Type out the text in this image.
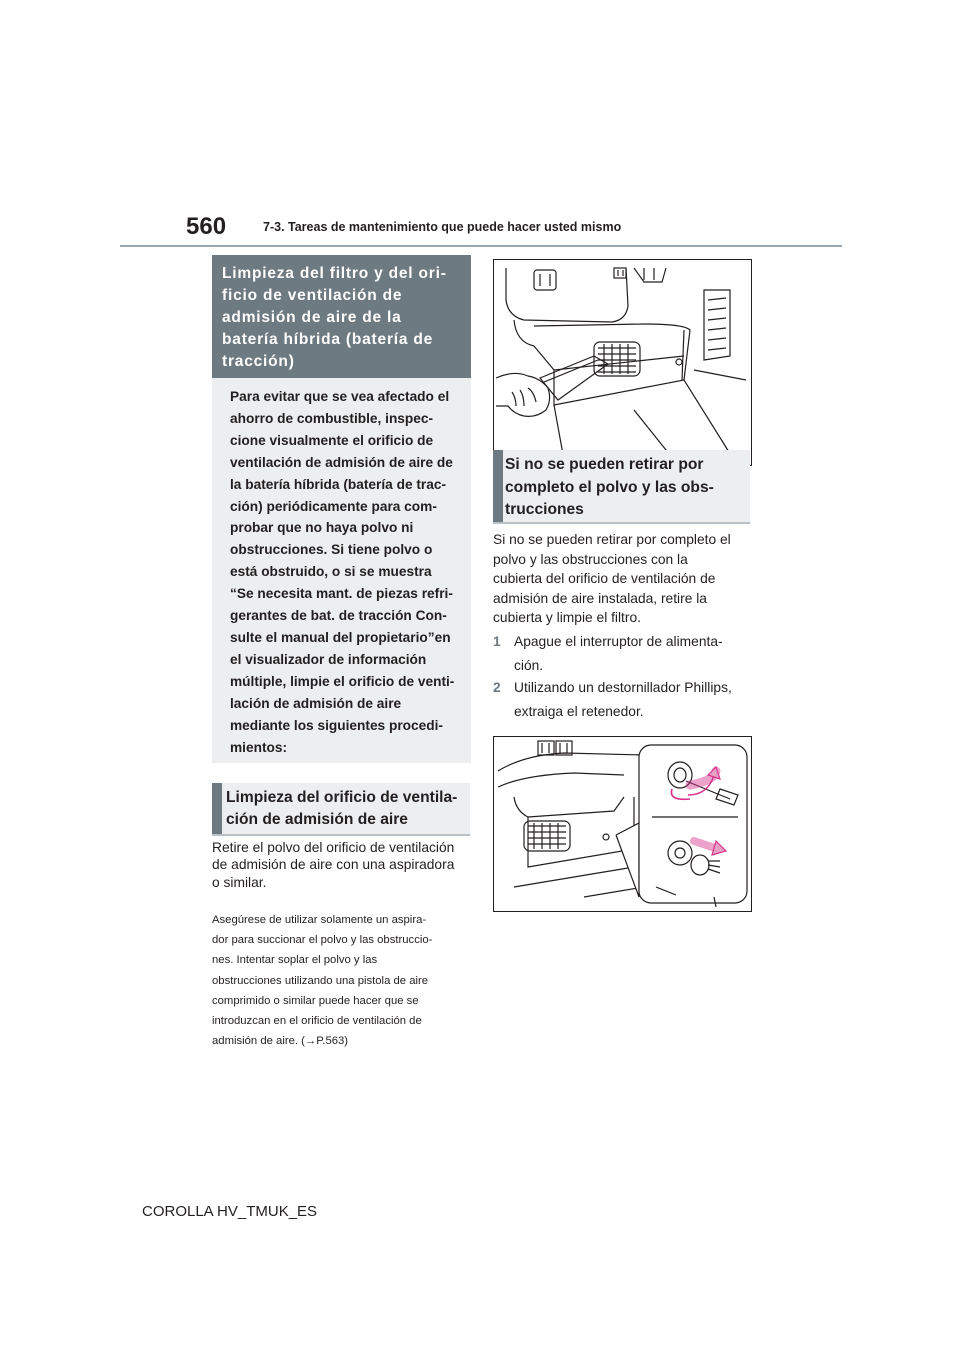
560	7-3. Tareas de mantenimiento que puede hacer usted mismo
Limpieza del filtro y del ori-
ficio de ventilación de
admisión de aire de la
batería híbrida (batería de
tracción)
Para evitar que se vea afectado el
ahorro de combustible, inspec-
cione visualmente el orificio de
ventilación de admisión de aire de
la batería híbrida (batería de trac-
ción) periódicamente para com-
probar que no haya polvo ni
obstrucciones. Si tiene polvo o
está obstruido, o si se muestra
“Se necesita mant. de piezas refri-
gerantes de bat. de tracción Con-
sulte el manual del propietario”en
el visualizador de información
múltiple, limpie el orificio de venti-
lación de admisión de aire
mediante los siguientes procedi-
mientos:
Limpieza del orificio de ventila-
ción de admisión de aire
Retire el polvo del orificio de ventilación
de admisión de aire con una aspiradora
o similar.
Asegúrese de utilizar solamente un aspira-
dor para succionar el polvo y las obstruccio-
nes. Intentar soplar el polvo y las
obstrucciones utilizando una pistola de aire
comprimido o similar puede hacer que se
introduzcan en el orificio de ventilación de
admisión de aire. (→P.563)
Si no se pueden retirar por
completo el polvo y las obs-
trucciones
Si no se pueden retirar por completo el
polvo y las obstrucciones con la
cubierta del orificio de ventilación de
admisión de aire instalada, retire la
cubierta y limpie el filtro.
1 Apague el interruptor de alimenta-
ción.
2 Utilizando un destornillador Phillips,
extraiga el retenedor.
COROLLA HV_TMUK_ES
